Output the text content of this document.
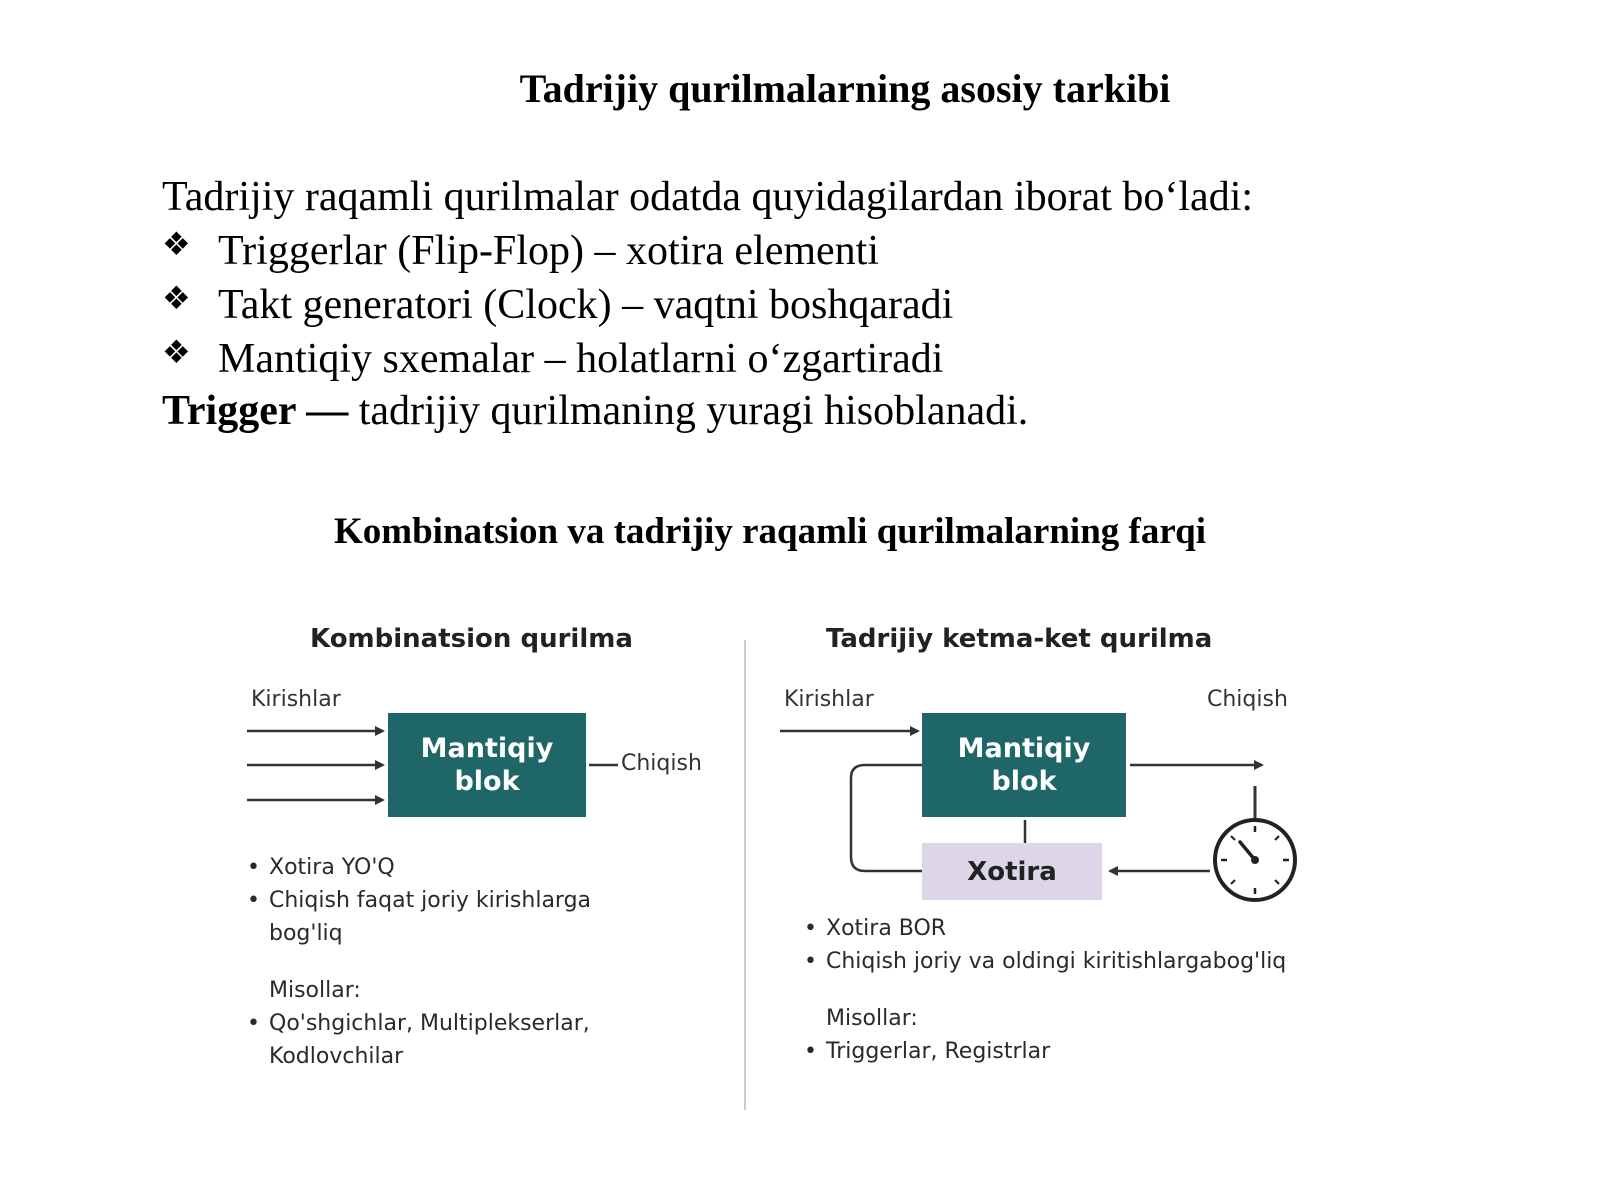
Tadrijiy qurilmalarning asosiy tarkibi
Tadrijiy raqamli qurilmalar odatda quyidagilardan iborat bo‘ladi:
❖ Triggerlar (Flip-Flop) – xotira elementi
❖ Takt generatori (Clock) – vaqtni boshqaradi
❖ Mantiqiy sxemalar – holatlarni o‘zgartiradi
Trigger — tadrijiy qurilmaning yuragi hisoblanadi.
Kombinatsion va tadrijiy raqamli qurilmalarning farqi
Kombinatsion qurilma
Kirishlar
Mantiqiy
blok
Chiqish
• Xotira YO'Q
• Chiqish faqat joriy kirishlarga
bog'liq
Misollar:
• Qo'shgichlar, Multiplekserlar,
Kodlovchilar
Tadrijiy ketma-ket qurilma
Kirishlar	Chiqish
Mantiqiy
blok
Xotira
• Xotira BOR
• Chiqish joriy va oldingi kiritishlargabog'liq
Misollar:
• Triggerlar, Registrlar
